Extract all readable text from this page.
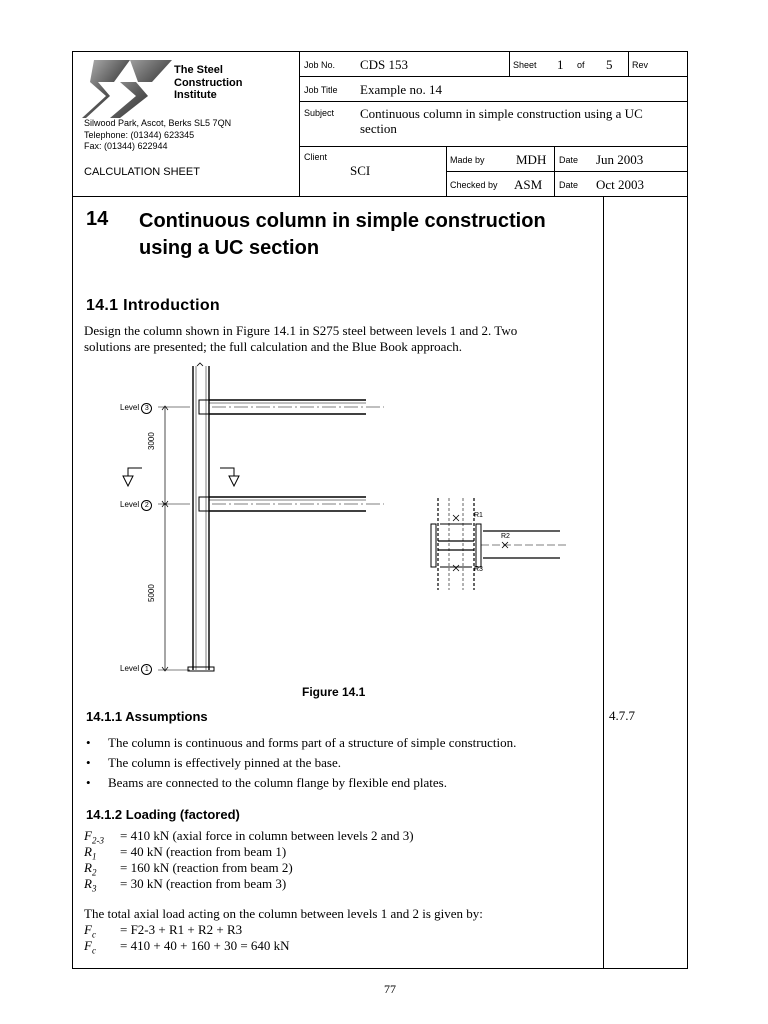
The Steel
Construction
Institute
Silwood Park, Ascot, Berks SL5 7QN
Telephone: (01344) 623345
Fax: (01344) 622944
CALCULATION SHEET
Job No. CDS 153	Sheet 1 of 5 Rev
Job Title Example no. 14
Subject Continuous column in simple construction using a UC section
Client
SCI
Made by MDH Date Jun 2003
Checked by ASM Date Oct 2003
14 Continuous column in simple construction
using a UC section
14.1 Introduction
Design the column shown in Figure 14.1 in S275 steel between levels 1 and 2. Two
solutions are presented; the full calculation and the Blue Book approach.
Level 3
Level 2
Level 1
3000
5000
R1
R2
R3
Figure 14.1
14.1.1 Assumptions	4.7.7
• The column is continuous and forms part of a structure of simple construction.
• The column is effectively pinned at the base.
• Beams are connected to the column flange by flexible end plates.
14.1.2 Loading (factored)
$F_{2-3} = 410$ kN (axial force in column between levels 2 and 3)
$R_1 = 40$ kN (reaction from beam 1)
$R_2 = 160$ kN (reaction from beam 2)
$R_3 = 30$ kN (reaction from beam 3)
The total axial load acting on the column between levels 1 and 2 is given by:
$F_c = F2-3 + R1 + R2 + R3$
$F_c = 410 + 40 + 160 + 30 = 640$ kN
77
